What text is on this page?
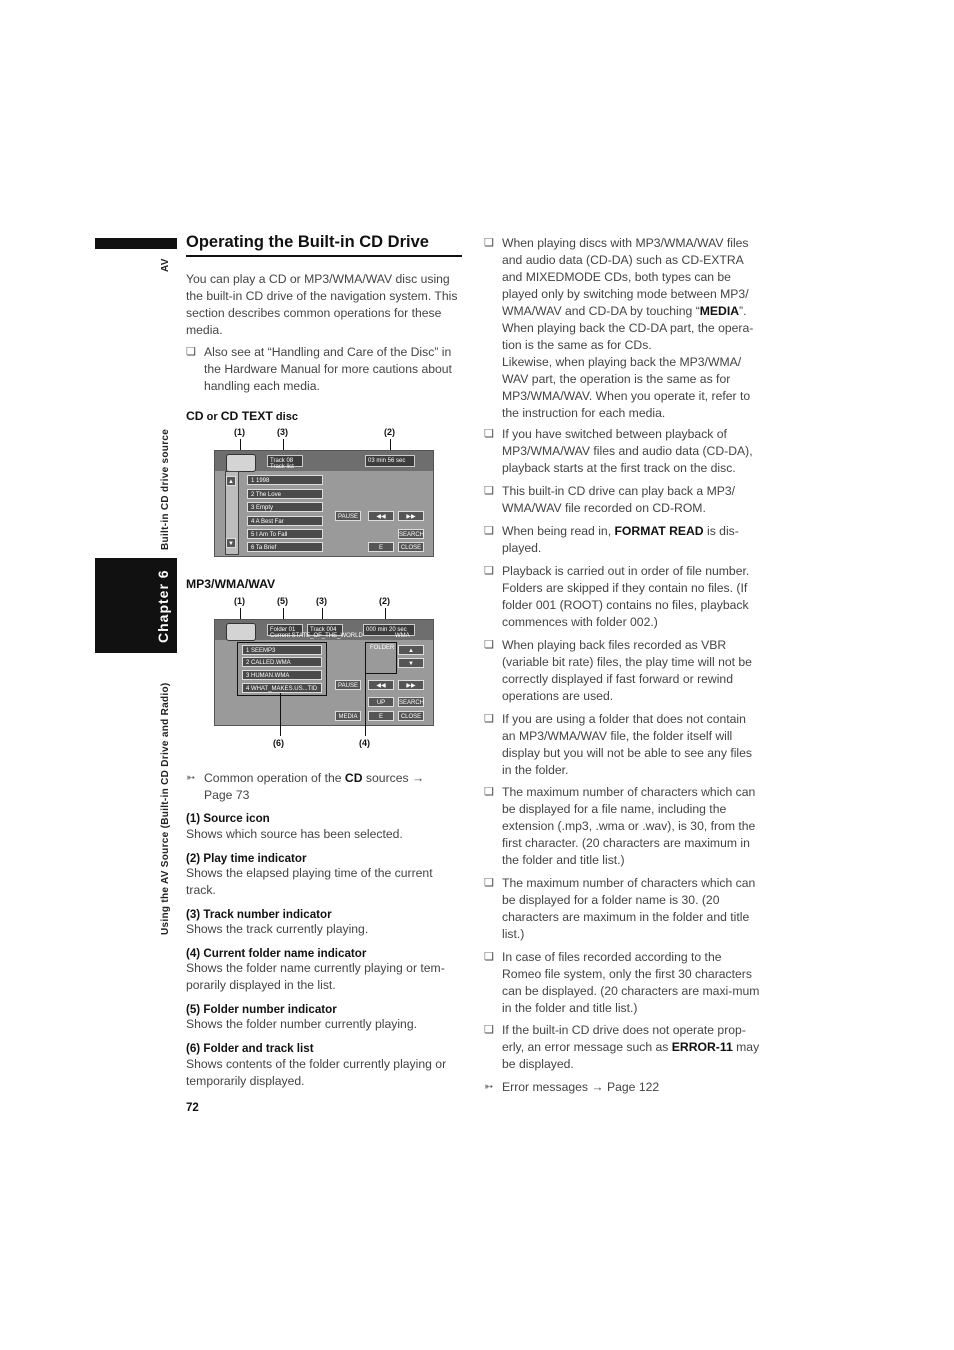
AV
Built-in CD drive source
Chapter 6
Using the AV Source (Built-in CD Drive and Radio)
Operating the Built-in CD Drive

You can play a CD or MP3/WMA/WAV disc using the built-in CD drive of the navigation system. This section describes common operations for these media.

❏ Also see at “Handling and Care of the Disc” in the Hardware Manual for more cautions about handling each media.
CD or CD TEXT disc
(1)	(3)	(2)
Track 08	03 min 56 sec
Track list
▲
▼
1 1998
2 The Love
3 Empty
4 A Best Far
5 I Am To Fall
6 Ta Brief
PAUSE	◀◀	▶▶
SEARCH
E	CLOSE
MP3/WMA/WAV
(1)	(5)	(3)	(2)
Folder 01	Track 004	000 min 20 sec
Current STATE_OF_THE_WORLD	WMA
1 SEEMP3
2 CALLED.WMA
3 HUMAN.WMA
4 WHAT_MAKES.US...TID
FOLDER	▲
▼
PAUSE	◀◀	▶▶
UP	SEARCH
MEDIA	E	CLOSE
(6)	(4)
➳ Common operation of the CD sources →
Page 73
(1) Source icon
Shows which source has been selected.
(2) Play time indicator
Shows the elapsed playing time of the current track.
(3) Track number indicator
Shows the track currently playing.
(4) Current folder name indicator
Shows the folder name currently playing or tem-porarily displayed in the list.
(5) Folder number indicator
Shows the folder number currently playing.
(6) Folder and track list
Shows contents of the folder currently playing or temporarily displayed.
72
❏ When playing discs with MP3/WMA/WAV files and audio data (CD-DA) such as CD-EXTRA and MIXEDMODE CDs, both types can be played only by switching mode between MP3/ WMA/WAV and CD-DA by touching “MEDIA”. When playing back the CD-DA part, the opera-tion is the same as for CDs.
Likewise, when playing back the MP3/WMA/ WAV part, the operation is the same as for MP3/WMA/WAV. When you operate it, refer to the instruction for each media.
❏ If you have switched between playback of MP3/WMA/WAV files and audio data (CD-DA), playback starts at the first track on the disc.
❏ This built-in CD drive can play back a MP3/ WMA/WAV file recorded on CD-ROM.
❏ When being read in, FORMAT READ is dis-played.
❏ Playback is carried out in order of file number. Folders are skipped if they contain no files. (If folder 001 (ROOT) contains no files, playback commences with folder 002.)
❏ When playing back files recorded as VBR (variable bit rate) files, the play time will not be correctly displayed if fast forward or rewind operations are used.
❏ If you are using a folder that does not contain an MP3/WMA/WAV file, the folder itself will display but you will not be able to see any files in the folder.
❏ The maximum number of characters which can be displayed for a file name, including the extension (.mp3, .wma or .wav), is 30, from the first character. (20 characters are maximum in the folder and title list.)
❏ The maximum number of characters which can be displayed for a folder name is 30. (20 characters are maximum in the folder and title list.)
❏ In case of files recorded according to the Romeo file system, only the first 30 characters can be displayed. (20 characters are maxi-mum in the folder and title list.)
❏ If the built-in CD drive does not operate prop-erly, an error message such as ERROR-11 may be displayed.
➳ Error messages → Page 122
